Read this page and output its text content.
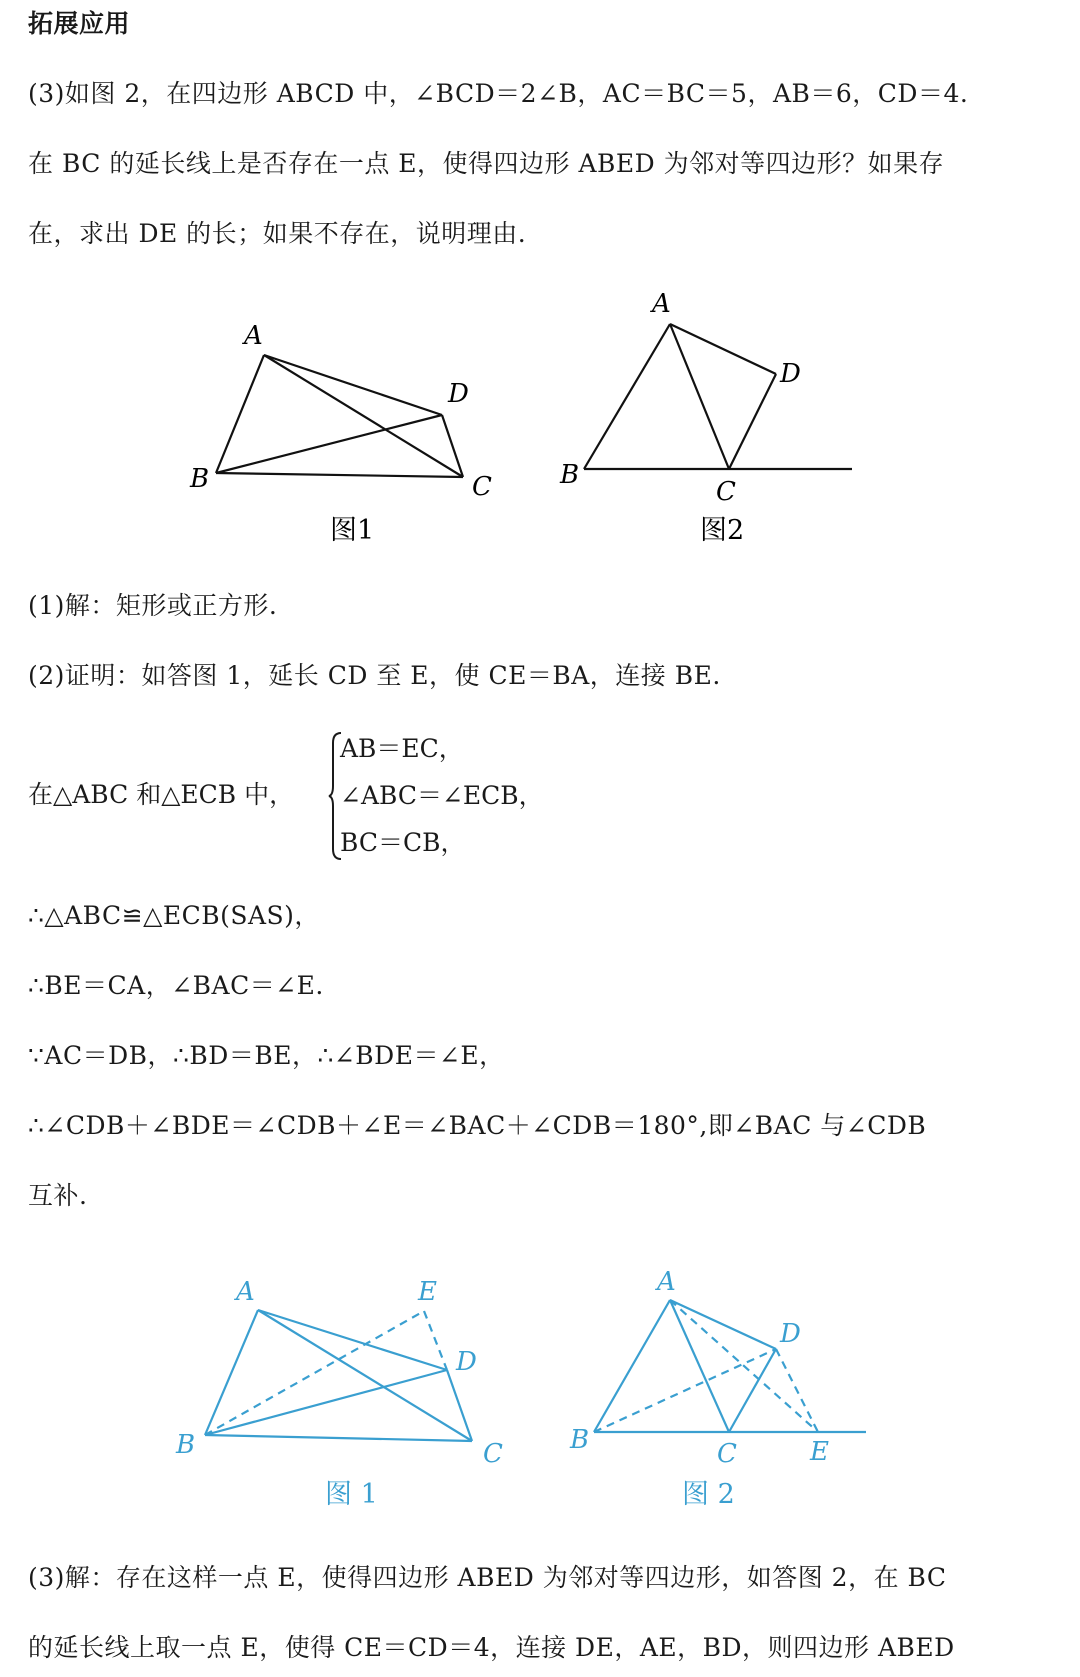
拓展应用
(3)如图 2，在四边形 ABCD 中，∠BCD＝2∠B，AC＝BC＝5，AB＝6，CD＝4.
在 BC 的延长线上是否存在一点 E，使得四边形 ABED 为邻对等四边形？如果存
在，求出 DE 的长；如果不存在，说明理由.
A
B	C
D
图1
A
B
C
D
图2
(1)解：矩形或正方形.
(2)证明：如答图 1，延长 CD 至 E，使 CE＝BA，连接 BE.
在△ABC 和△ECB 中，
AB＝EC，
∠ABC＝∠ECB，
BC＝CB，
∴△ABC≌△ECB(SAS)，
∴BE＝CA，∠BAC＝∠E.
∵AC＝DB，∴BD＝BE，∴∠BDE＝∠E，
∴∠CDB＋∠BDE＝∠CDB＋∠E＝∠BAC＋∠CDB＝180°,即∠BAC 与∠CDB
互补.
A
B	C
D
E
图 1
A
B	C
D
E
图 2
(3)解：存在这样一点 E，使得四边形 ABED 为邻对等四边形，如答图 2，在 BC
的延长线上取一点 E，使得 CE＝CD＝4，连接 DE，AE，BD，则四边形 ABED
